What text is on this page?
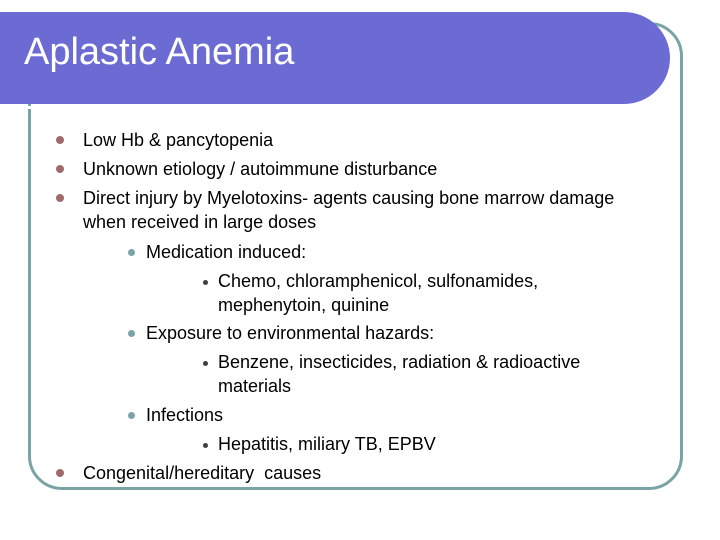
Aplastic Anemia
Low Hb & pancytopenia
Unknown etiology / autoimmune disturbance
Direct injury by Myelotoxins- agents causing bone marrow damage when received in large doses
Medication induced:
Chemo, chloramphenicol, sulfonamides, mephenytoin, quinine
Exposure to environmental hazards:
Benzene, insecticides, radiation & radioactive materials
Infections
Hepatitis, miliary TB, EPBV
Congenital/hereditary  causes
